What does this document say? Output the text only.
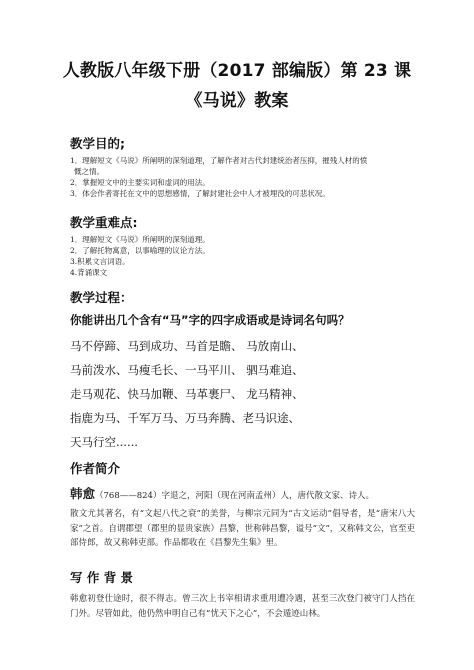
人教版八年级下册（2017 部编版）第 23 课
《马说》教案
教学目的;
1．理解短文《马说》所阐明的深刻道理，了解作者对古代封建统治者压抑，摧残人材的愤
慨之情。
2．掌握短文中的主要实词和虚词的用法。
3．体会作者寄托在文中的思想感情，了解封建社会中人才被埋没的可悲状况。
教学重难点:
1．理解短文《马说》所阐明的深刻道理。
2．了解托物寓意，以事喻理的议论方法。
3.积累文言词语。
4.背诵课文
教学过程：
你能讲出几个含有“马”字的四字成语或是诗词名句吗？
马不停蹄、马到成功、马首是瞻、 马放南山、
马前泼水、马瘦毛长、一马平川、 驷马难追、
走马观花、快马加鞭、马革裹尸、 龙马精神、
指鹿为马、千军万马、万马奔腾、老马识途、
天马行空......
作者简介
韩愈（768——824）字退之，河阳（现在河南孟州）人，唐代散文家、诗人。
散文尤其著名，有“文起八代之衰”的美誉，与柳宗元同为“古文运动”倡导者，是“唐宋八大家”之首。自谓郡望（郡里的显贵家族）昌黎，世称韩昌黎，谥号“文”，又称韩文公，官至吏部侍郎，故又称韩吏部。作品都收在《昌黎先生集》里。
写 作 背 景
韩愈初登仕途时，很不得志。曾三次上书宰相请求重用遭冷遇，甚至三次登门被守门人挡在门外。尽管如此，他仍然申明自己有“忧天下之心”，不会遁迹山林。
